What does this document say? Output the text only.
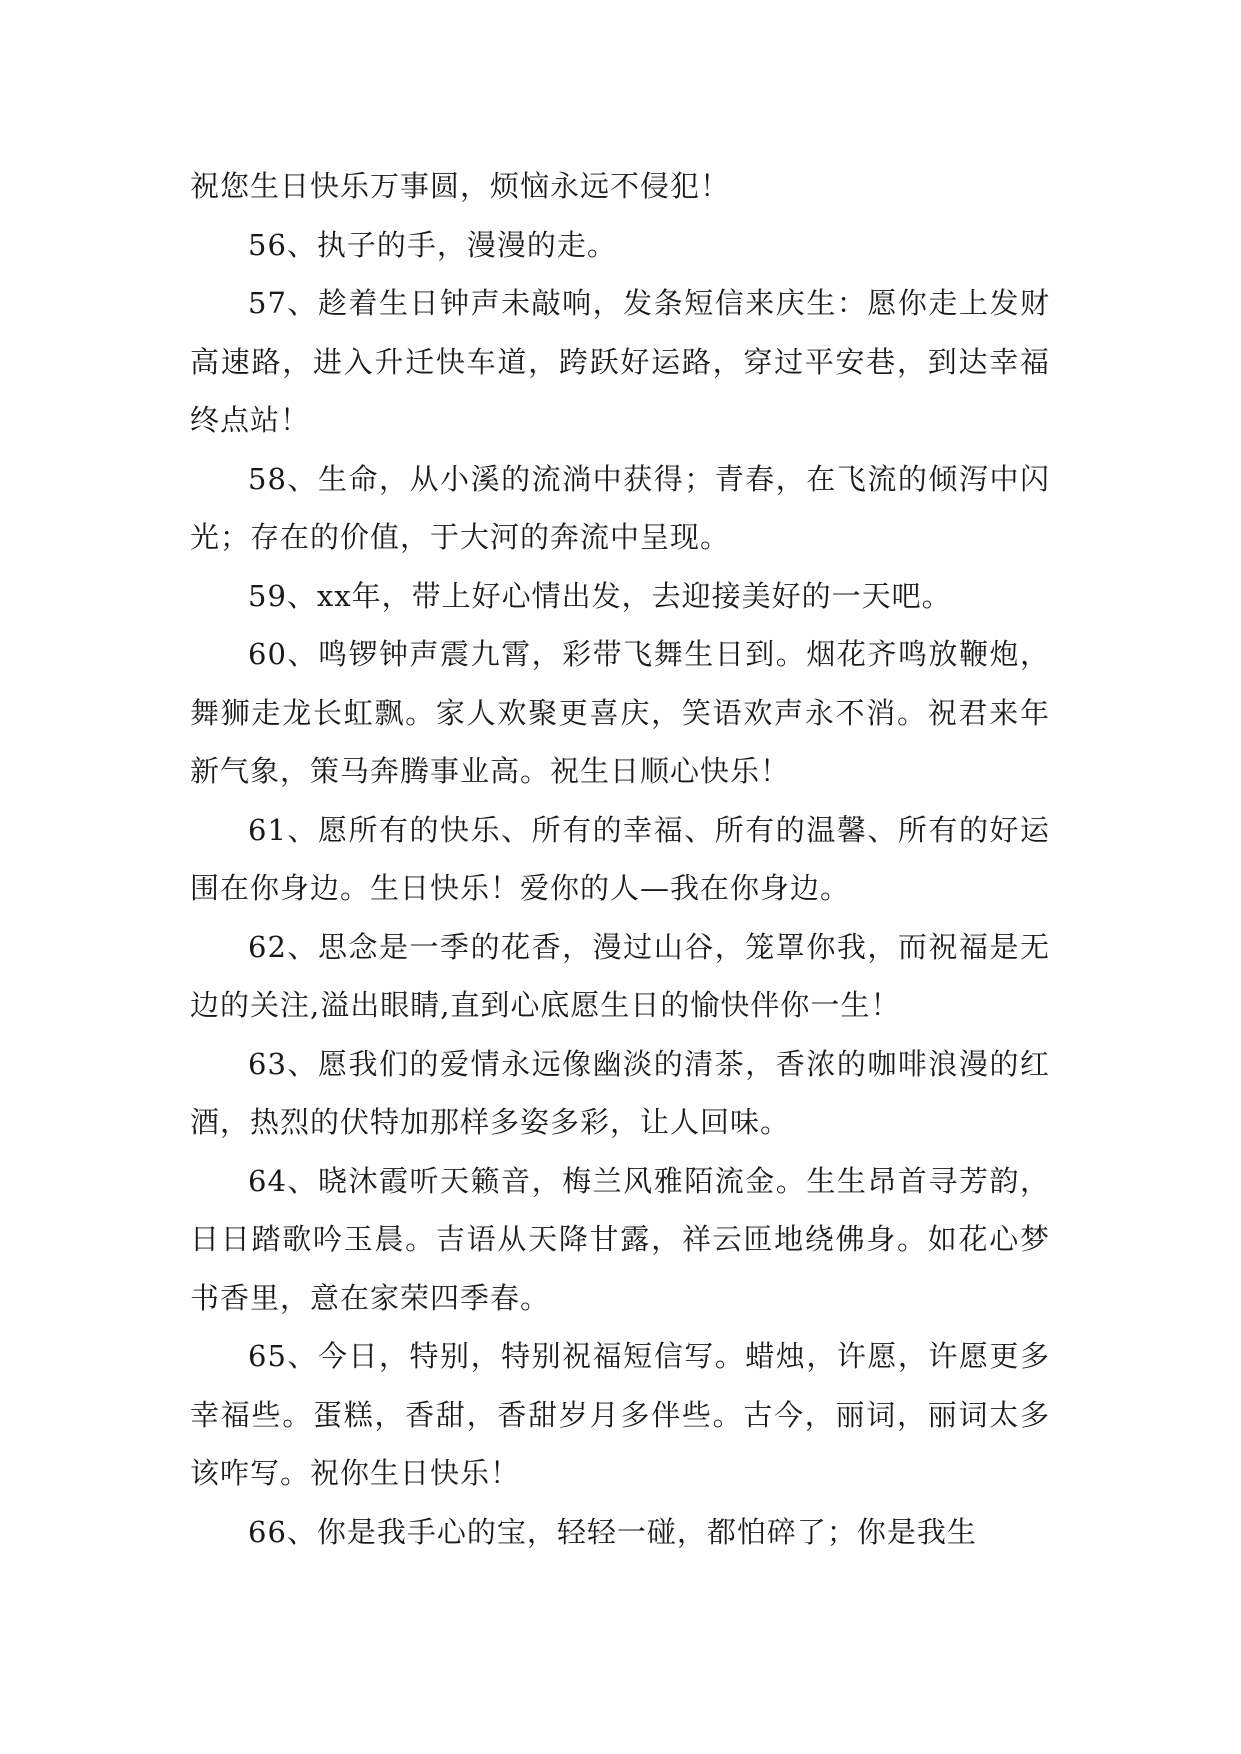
祝您生日快乐万事圆，烦恼永远不侵犯！

56、执子的手，漫漫的走。

57、趁着生日钟声未敲响，发条短信来庆生：愿你走上发财高速路，进入升迁快车道，跨跃好运路，穿过平安巷，到达幸福终点站！

58、生命，从小溪的流淌中获得；青春，在飞流的倾泻中闪光；存在的价值，于大河的奔流中呈现。

59、xx年，带上好心情出发，去迎接美好的一天吧。

60、鸣锣钟声震九霄，彩带飞舞生日到。烟花齐鸣放鞭炮，舞狮走龙长虹飘。家人欢聚更喜庆，笑语欢声永不消。祝君来年新气象，策马奔腾事业高。祝生日顺心快乐！

61、愿所有的快乐、所有的幸福、所有的温馨、所有的好运围在你身边。生日快乐！爱你的人—我在你身边。

62、思念是一季的花香，漫过山谷，笼罩你我，而祝福是无边的关注,溢出眼睛,直到心底愿生日的愉快伴你一生！

63、愿我们的爱情永远像幽淡的清茶，香浓的咖啡浪漫的红酒，热烈的伏特加那样多姿多彩，让人回味。

64、晓沐霞听天籁音，梅兰风雅陌流金。生生昂首寻芳韵，日日踏歌吟玉晨。吉语从天降甘露，祥云匝地绕佛身。如花心梦书香里，意在家荣四季春。

65、今日，特别，特别祝福短信写。蜡烛，许愿，许愿更多幸福些。蛋糕，香甜，香甜岁月多伴些。古今，丽词，丽词太多该咋写。祝你生日快乐！

66、你是我手心的宝，轻轻一碰，都怕碎了；你是我生
